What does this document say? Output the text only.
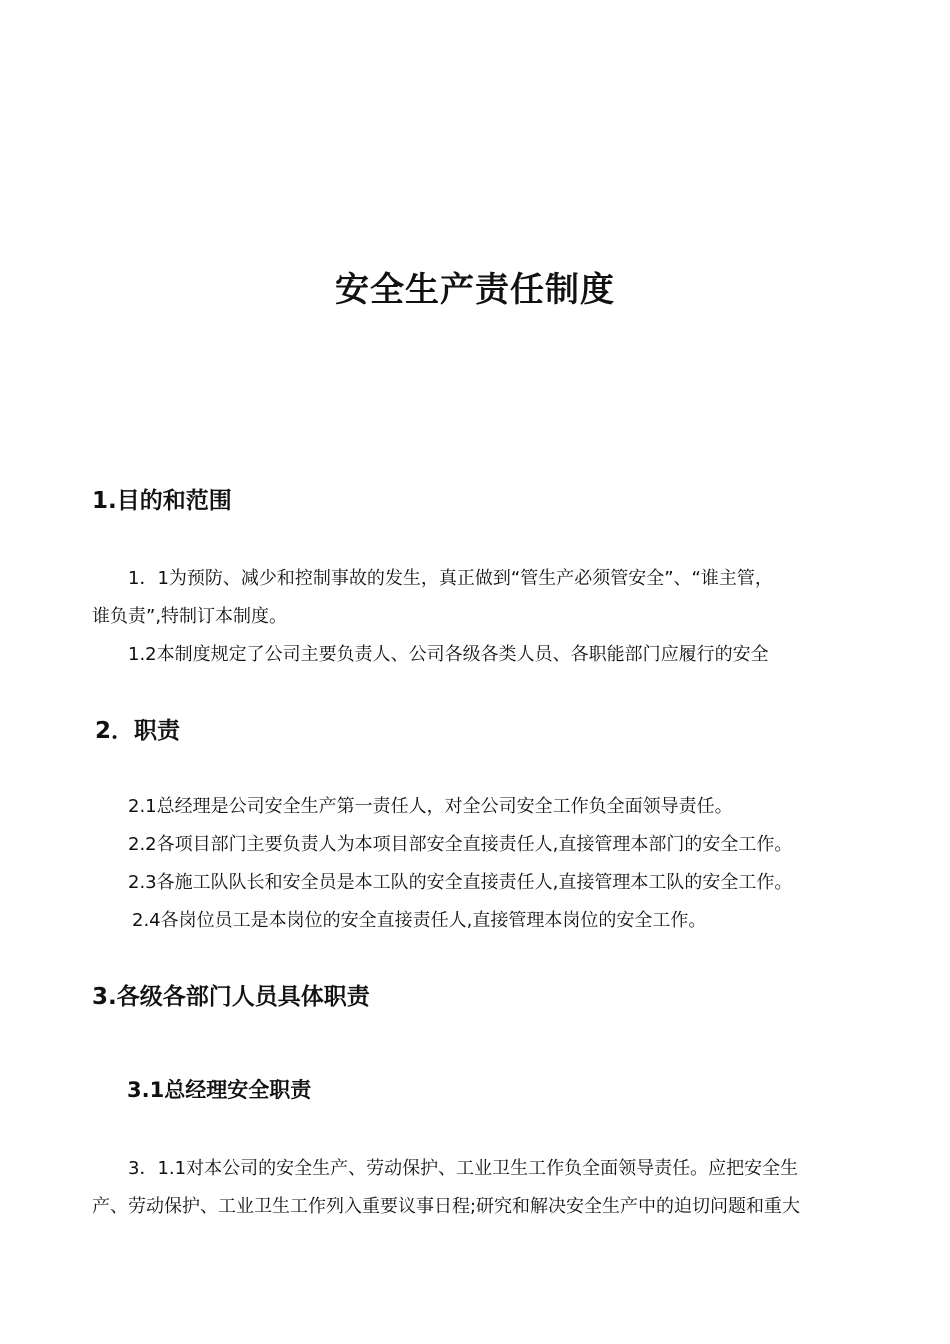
安全生产责任制度
1.目的和范围
1．1为预防、减少和控制事故的发生，真正做到“管生产必须管安全”、“谁主管，
谁负责”,特制订本制度。
1.2本制度规定了公司主要负责人、公司各级各类人员、各职能部门应履行的安全
2．职责
2.1总经理是公司安全生产第一责任人，对全公司安全工作负全面领导责任。
2.2各项目部门主要负责人为本项目部安全直接责任人,直接管理本部门的安全工作。
2.3各施工队队长和安全员是本工队的安全直接责任人,直接管理本工队的安全工作。
2.4各岗位员工是本岗位的安全直接责任人,直接管理本岗位的安全工作。
3.各级各部门人员具体职责
3.1总经理安全职责
3．1.1对本公司的安全生产、劳动保护、工业卫生工作负全面领导责任。应把安全生
产、劳动保护、工业卫生工作列入重要议事日程;研究和解决安全生产中的迫切问题和重大
